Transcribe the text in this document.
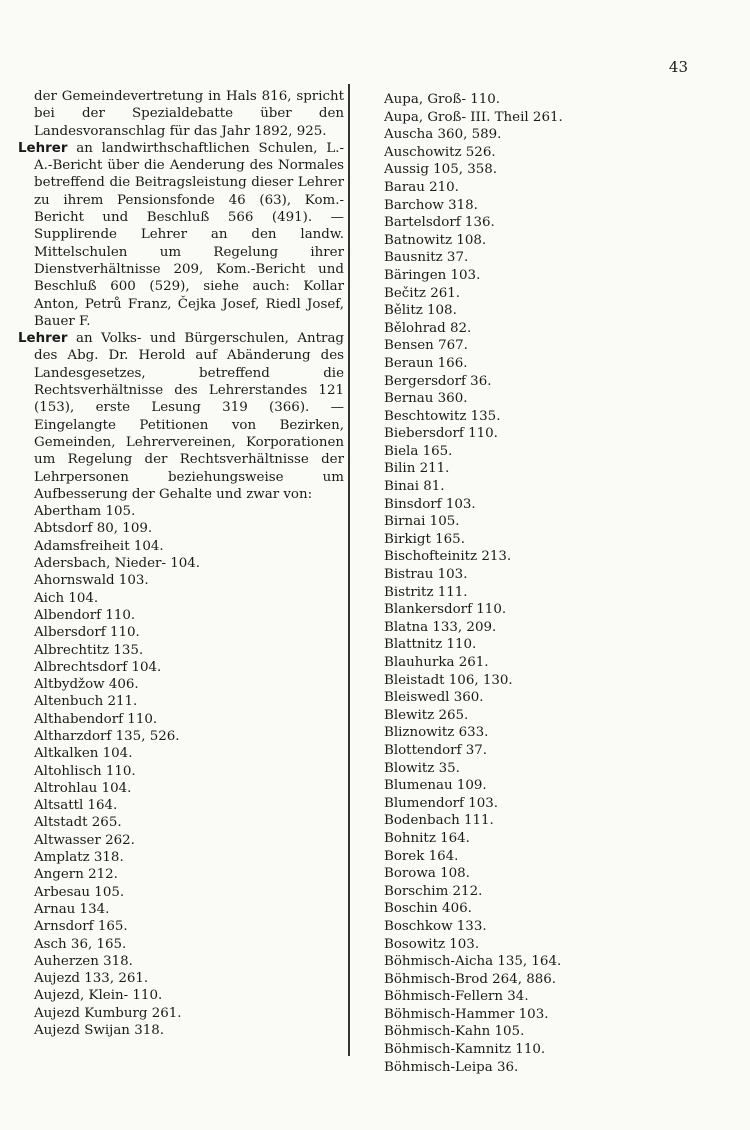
43

der Gemeindevertretung in Hals 816, spricht bei der Spezialdebatte über den Landesvoranschlag für das Jahr 1892, 925.

Lehrer an landwirthschaftlichen Schulen, L.-A.-Bericht über die Aenderung des Normales betreffend die Beitragsleistung dieser Lehrer zu ihrem Pensionsfonde 46 (63), Kom.-Bericht und Beschluß 566 (491). — Supplirende Lehrer an den landw. Mittelschulen um Regelung ihrer Dienstverhältnisse 209, Kom.-Bericht und Beschluß 600 (529), siehe auch: Kollar Anton, Petrů Franz, Čejka Josef, Riedl Josef, Bauer F.

Lehrer an Volks- und Bürgerschulen, Antrag des Abg. Dr. Herold auf Abänderung des Landesgesetzes, betreffend die Rechtsverhältnisse des Lehrerstandes 121 (153), erste Lesung 319 (366). — Eingelangte Petitionen von Bezirken, Gemeinden, Lehrervereinen, Korporationen um Regelung der Rechtsverhältnisse der Lehrpersonen beziehungsweise um Aufbesserung der Gehalte und zwar von:

Abertham 105.
Abtsdorf 80, 109.
Adamsfreiheit 104.
Adersbach, Nieder- 104.
Ahornswald 103.
Aich 104.
Albendorf 110.
Albersdorf 110.
Albrechtitz 135.
Albrechtsdorf 104.
Altbydžow 406.
Altenbuch 211.
Althabendorf 110.
Altharzdorf 135, 526.
Altkalken 104.
Altohlisch 110.
Altrohlau 104.
Altsattl 164.
Altstadt 265.
Altwasser 262.
Amplatz 318.
Angern 212.
Arbesau 105.
Arnau 134.
Arnsdorf 165.
Asch 36, 165.
Auherzen 318.
Aujezd 133, 261.
Aujezd, Klein- 110.
Aujezd Kumburg 261.
Aujezd Swijan 318.
Aupa, Groß- 110.
Aupa, Groß- III. Theil 261.
Auscha 360, 589.
Auschowitz 526.
Aussig 105, 358.
Barau 210.
Barchow 318.
Bartelsdorf 136.
Batnowitz 108.
Bausnitz 37.
Bäringen 103.
Bečitz 261.
Bělitz 108.
Bělohrad 82.
Bensen 767.
Beraun 166.
Bergersdorf 36.
Bernau 360.
Beschtowitz 135.
Biebersdorf 110.
Biela 165.
Bilin 211.
Binai 81.
Binsdorf 103.
Birnai 105.
Birkigt 165.
Bischofteinitz 213.
Bistrau 103.
Bistritz 111.
Blankersdorf 110.
Blatna 133, 209.
Blattnitz 110.
Blauhurka 261.
Bleistadt 106, 130.
Bleiswedl 360.
Blewitz 265.
Bliznowitz 633.
Blottendorf 37.
Blowitz 35.
Blumenau 109.
Blumendorf 103.
Bodenbach 111.
Bohnitz 164.
Borek 164.
Borowa 108.
Borschim 212.
Boschin 406.
Boschkow 133.
Bosowitz 103.
Böhmisch-Aicha 135, 164.
Böhmisch-Brod 264, 886.
Böhmisch-Fellern 34.
Böhmisch-Hammer 103.
Böhmisch-Kahn 105.
Böhmisch-Kamnitz 110.
Böhmisch-Leipa 36.
